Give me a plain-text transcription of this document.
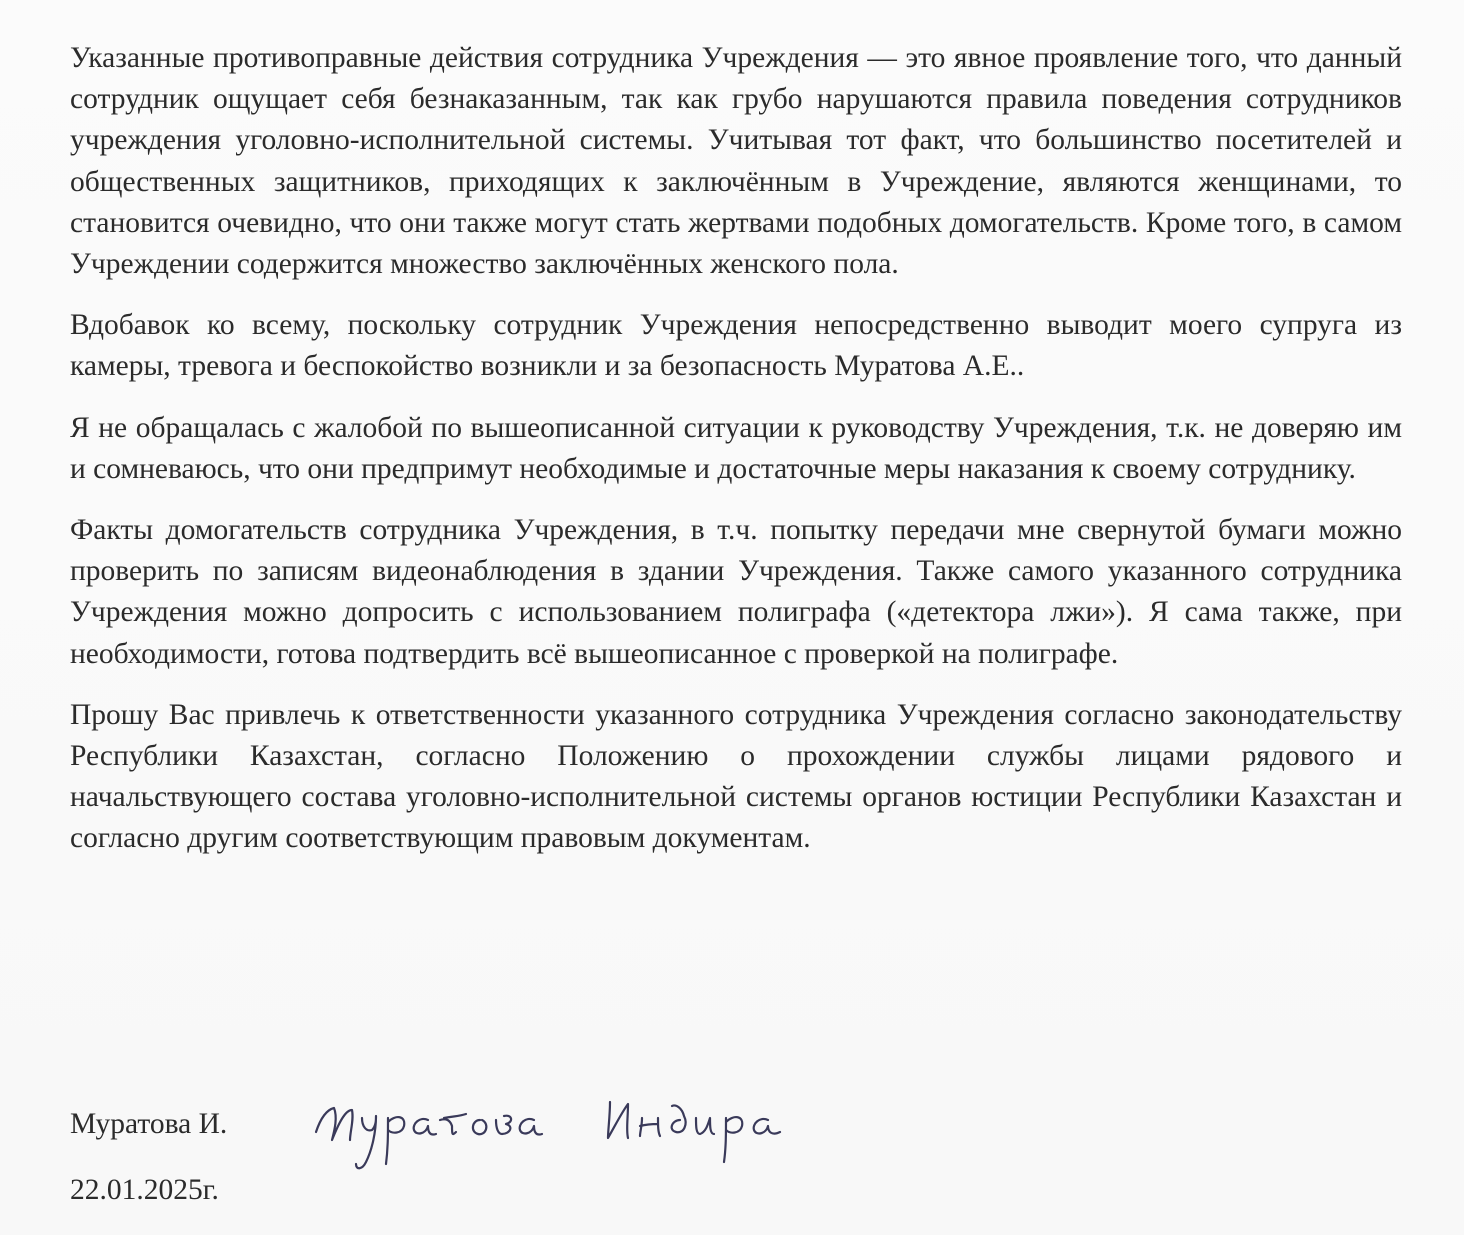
Указанные противоправные действия сотрудника Учреждения — это явное проявление того, что данный сотрудник ощущает себя безнаказанным, так как грубо нарушаются правила поведения сотрудников учреждения уголовно-исполнительной системы. Учитывая тот факт, что большинство посетителей и общественных защитников, приходящих к заключённым в Учреждение, являются женщинами, то становится очевидно, что они также могут стать жертвами подобных домогательств. Кроме того, в самом Учреждении содержится множество заключённых женского пола.

Вдобавок ко всему, поскольку сотрудник Учреждения непосредственно выводит моего супруга из камеры, тревога и беспокойство возникли и за безопасность Муратова А.Е..

Я не обращалась с жалобой по вышеописанной ситуации к руководству Учреждения, т.к. не доверяю им и сомневаюсь, что они предпримут необходимые и достаточные меры наказания к своему сотруднику.

Факты домогательств сотрудника Учреждения, в т.ч. попытку передачи мне свернутой бумаги можно проверить по записям видеонаблюдения в здании Учреждения. Также самого указанного сотрудника Учреждения можно допросить с использованием полиграфа («детектора лжи»). Я сама также, при необходимости, готова подтвердить всё вышеописанное с проверкой на полиграфе.

Прошу Вас привлечь к ответственности указанного сотрудника Учреждения согласно законодательству Республики Казахстан, согласно Положению о прохождении службы лицами рядового и начальствующего состава уголовно-исполнительной системы органов юстиции Республики Казахстан и согласно другим соответствующим правовым документам.

Муратова И.
22.01.2025г.
